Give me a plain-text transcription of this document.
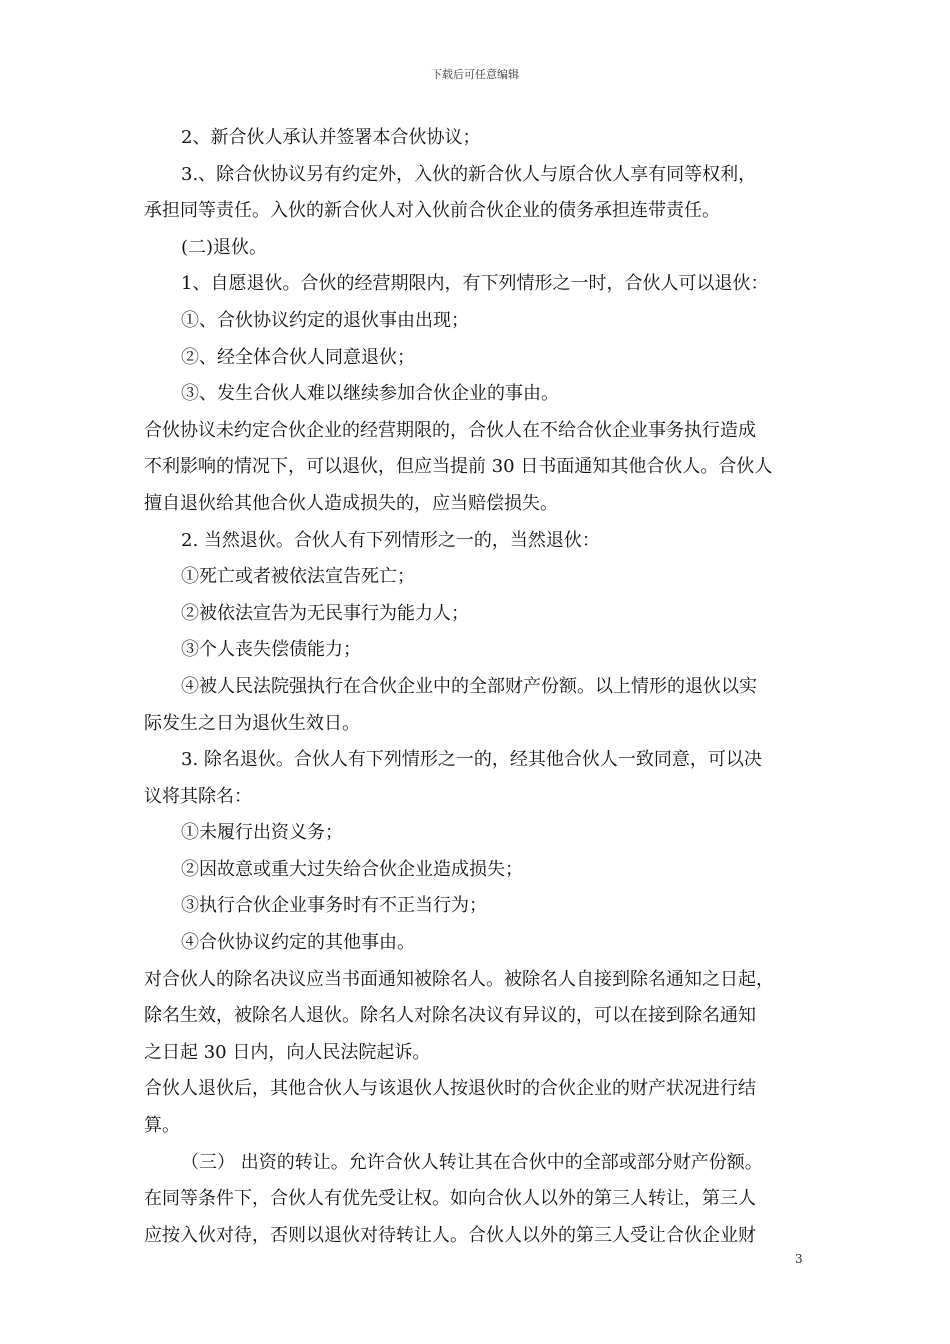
下载后可任意编辑
2、新合伙人承认并签署本合伙协议；
3.、除合伙协议另有约定外，入伙的新合伙人与原合伙人享有同等权利，
承担同等责任。入伙的新合伙人对入伙前合伙企业的债务承担连带责任。
(二)退伙。
1、自愿退伙。合伙的经营期限内，有下列情形之一时，合伙人可以退伙：
①、合伙协议约定的退伙事由出现；
②、经全体合伙人同意退伙；
③、发生合伙人难以继续参加合伙企业的事由。
合伙协议未约定合伙企业的经营期限的，合伙人在不给合伙企业事务执行造成
不利影响的情况下，可以退伙，但应当提前 30 日书面通知其他合伙人。合伙人
擅自退伙给其他合伙人造成损失的，应当赔偿损失。
2. 当然退伙。合伙人有下列情形之一的，当然退伙：
①死亡或者被依法宣告死亡；
②被依法宣告为无民事行为能力人；
③个人丧失偿债能力；
④被人民法院强执行在合伙企业中的全部财产份额。以上情形的退伙以实
际发生之日为退伙生效日。
3. 除名退伙。合伙人有下列情形之一的，经其他合伙人一致同意，可以决
议将其除名：
①未履行出资义务；
②因故意或重大过失给合伙企业造成损失；
③执行合伙企业事务时有不正当行为；
④合伙协议约定的其他事由。
对合伙人的除名决议应当书面通知被除名人。被除名人自接到除名通知之日起，
除名生效，被除名人退伙。除名人对除名决议有异议的，可以在接到除名通知
之日起 30 日内，向人民法院起诉。
合伙人退伙后，其他合伙人与该退伙人按退伙时的合伙企业的财产状况进行结
算。
（三） 出资的转让。允许合伙人转让其在合伙中的全部或部分财产份额。
在同等条件下，合伙人有优先受让权。如向合伙人以外的第三人转让，第三人
应按入伙对待，否则以退伙对待转让人。合伙人以外的第三人受让合伙企业财
3
